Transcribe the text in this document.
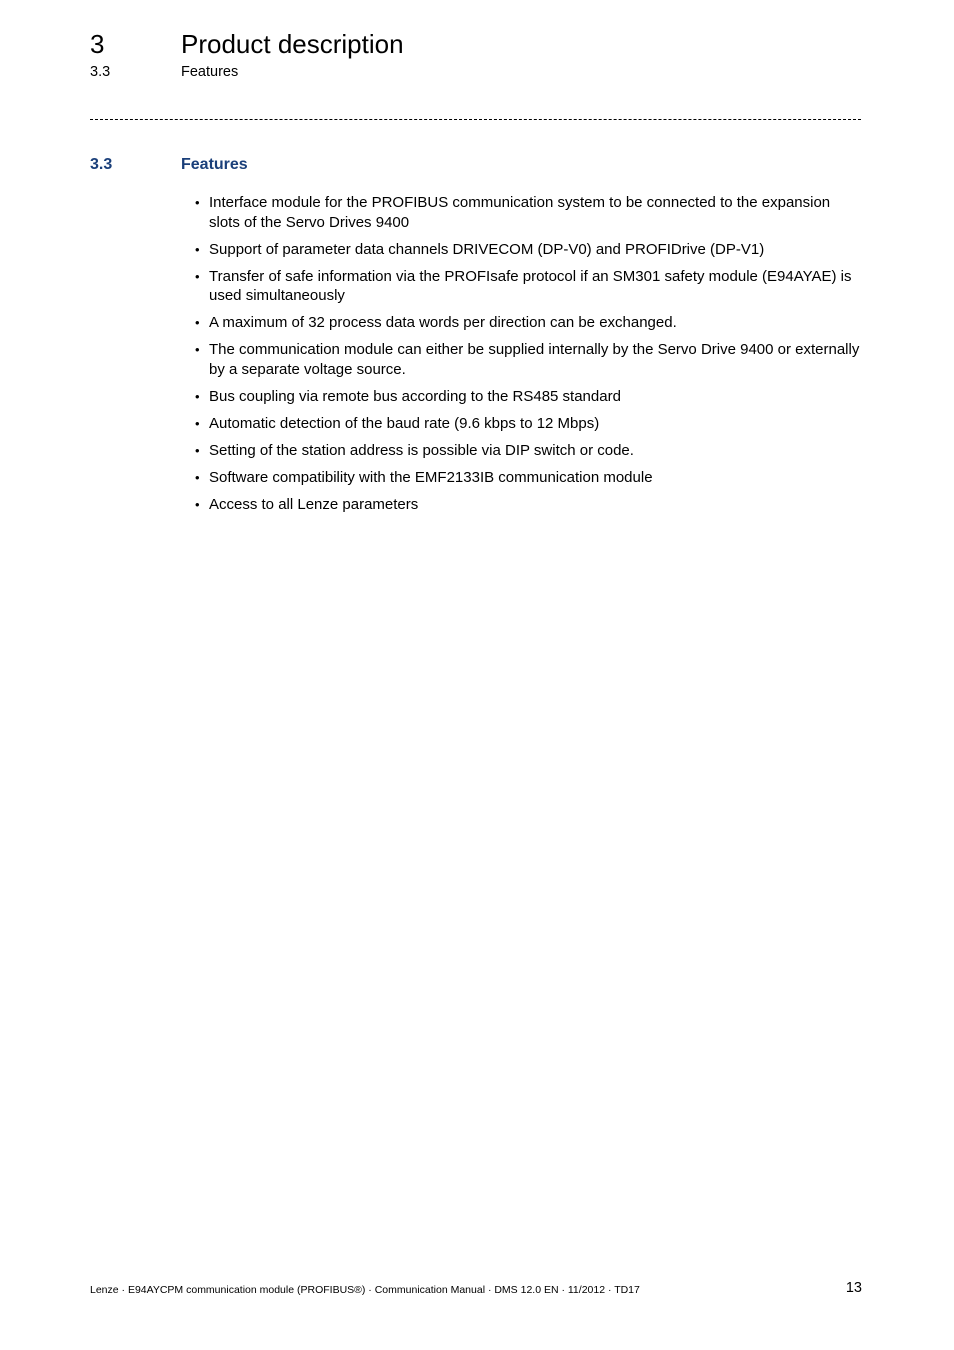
3	Product description
3.3	Features
3.3	Features
• Interface module for the PROFIBUS communication system to be connected to the expansion slots of the Servo Drives 9400
• Support of parameter data channels DRIVECOM (DP-V0) and PROFIDrive (DP-V1)
• Transfer of safe information via the PROFIsafe protocol if an SM301 safety module (E94AYAE) is used simultaneously
• A maximum of 32 process data words per direction can be exchanged.
• The communication module can either be supplied internally by the Servo Drive 9400 or externally by a separate voltage source.
• Bus coupling via remote bus according to the RS485 standard
• Automatic detection of the baud rate (9.6 kbps to 12 Mbps)
• Setting of the station address is possible via DIP switch or code.
• Software compatibility with the EMF2133IB communication module
• Access to all Lenze parameters
Lenze · E94AYCPM communication module (PROFIBUS®) · Communication Manual · DMS 12.0 EN · 11/2012 · TD17	13
